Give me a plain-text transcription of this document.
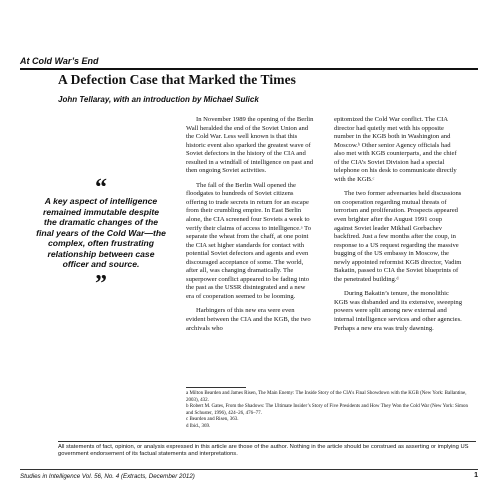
At Cold War’s End
A Defection Case that Marked the Times
John Tellaray, with an introduction by Michael Sulick
“
A key aspect of intelligence remained immutable despite the dramatic changes of the final years of the Cold War—the complex, often frustrating relationship between case officer and source.
”

In November 1989 the opening of the Berlin Wall heralded the end of the Soviet Union and the Cold War. Less well known is that this historic event also sparked the greatest wave of Soviet defectors in the history of the CIA and resulted in a windfall of intelligence on past and then ongoing Soviet activities.

The fall of the Berlin Wall opened the floodgates to hundreds of Soviet citizens offering to trade secrets in return for an escape from their crumbling empire. In East Berlin alone, the CIA screened four Soviets a week to verify their claims of access to intelligence.ᵃ To separate the wheat from the chaff, at one point the CIA set higher standards for contact with potential Soviet defectors and agents and even discouraged acceptance of some. The world, after all, was changing dramatically. The superpower conflict appeared to be fading into the past as the USSR disintegrated and a new era of cooperation seemed to be looming.

Harbingers of this new era were even evident between the CIA and the KGB, the two archivals who

epitomized the Cold War conflict. The CIA director had quietly met with his opposite number in the KGB both in Washington and Moscow.ᵇ Other senior Agency officials had also met with KGB counterparts, and the chief of the CIA’s Soviet Division had a special telephone on his desk to communicate directly with the KGB.ᶜ

The two former adversaries held discussions on cooperation regarding mutual threats of terrorism and proliferation. Prospects appeared even brighter after the August 1991 coup against Soviet leader Mikhail Gorbachev backfired. Just a few months after the coup, in response to a US request regarding the massive bugging of the US embassy in Moscow, the newly appointed reformist KGB director, Vadim Bakatin, passed to CIA the Soviet blueprints of the penetrated building.ᵈ

During Bakatin’s tenure, the monolithic KGB was disbanded and its extensive, sweeping powers were split among new external and internal intelligence services and other agencies. Perhaps a new era was truly dawning.

a Milton Bearden and James Risen, The Main Enemy: The Inside Story of the CIA’s Final Showdown with the KGB (New York: Ballantine, 2003), 432.
b Robert M. Gates, From the Shadows: The Ultimate Insider’s Story of Five Presidents and How They Won the Cold War (New York: Simon and Schuster, 1996), 424–26, 476–77.
c Bearden and Risen, 363.
d Ibid., 369.
All statements of fact, opinion, or analysis expressed in this article are those of the author. Nothing in the article should be construed as asserting or implying US government endorsement of its factual statements and interpretations.
Studies in Intelligence Vol. 56, No. 4 (Extracts, December 2012)	1
